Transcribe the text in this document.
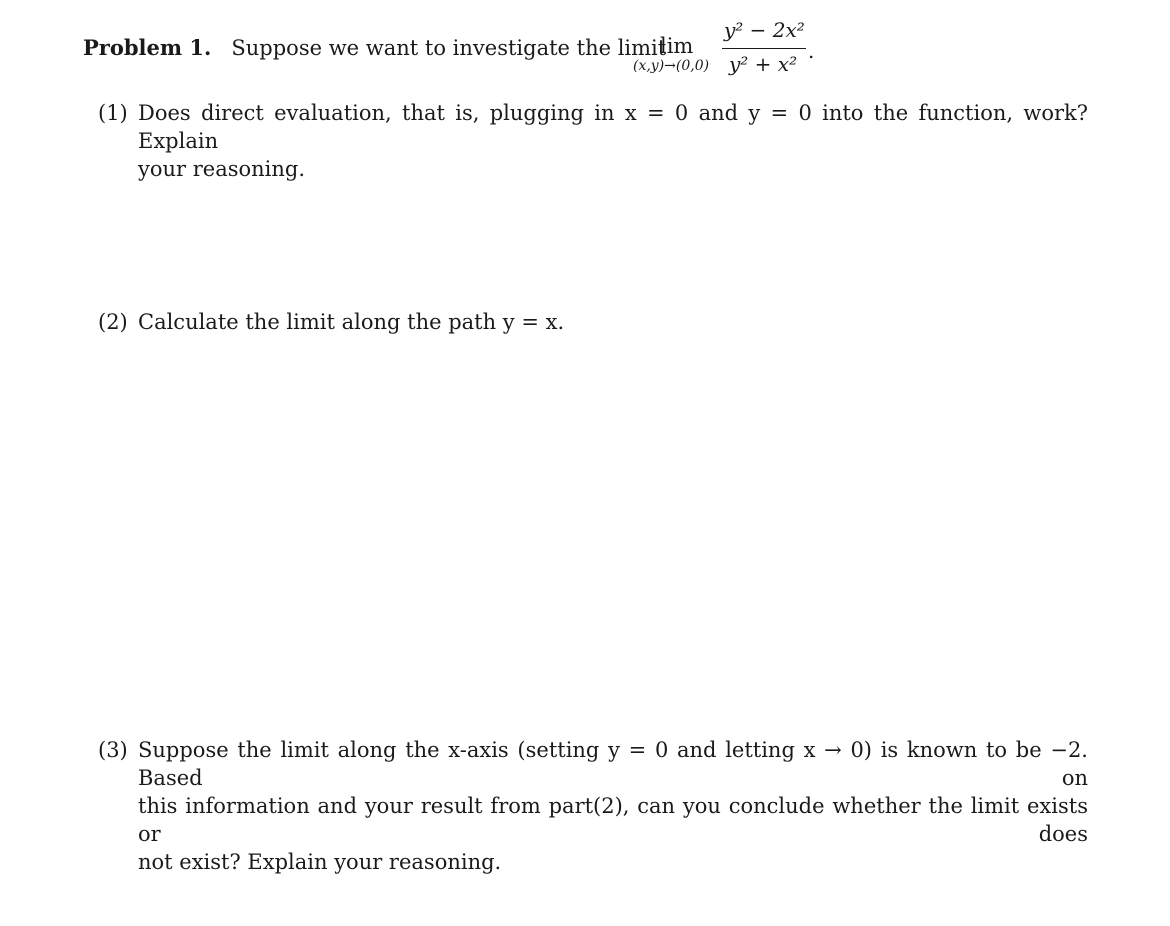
Problem 1. Suppose we want to investigate the limit
lim
(x,y)→(0,0)
y² − 2x²
y² + x²
.
(1) Does direct evaluation, that is, plugging in x = 0 and y = 0 into the function, work? Explain
your reasoning.
(2) Calculate the limit along the path y = x.
(3) Suppose the limit along the x-axis (setting y = 0 and letting x → 0) is known to be −2. Based on
this information and your result from part(2), can you conclude whether the limit exists or does
not exist? Explain your reasoning.
